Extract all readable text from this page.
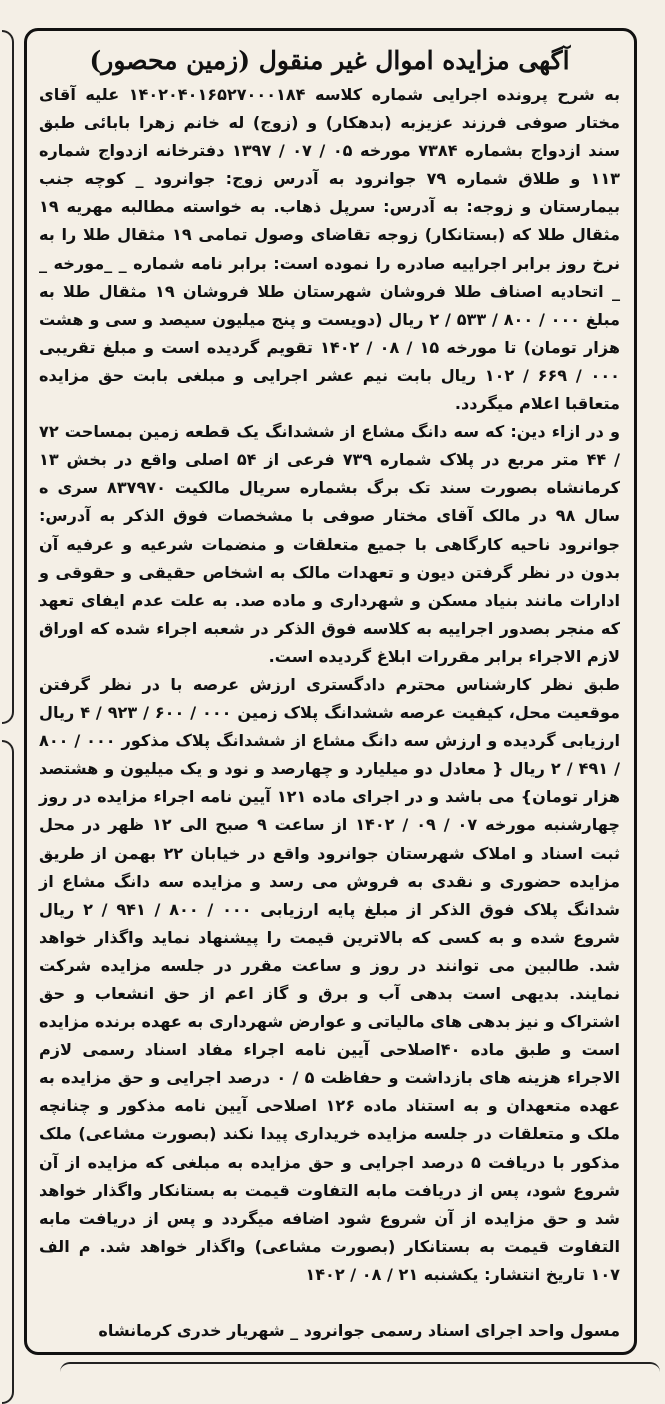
آگهی مزایده اموال غیر منقول (زمین محصور)

به شرح پرونده اجرایی شماره کلاسه ۱۴۰۲۰۴۰۱۶۵۲۷۰۰۰۱۸۴ علیه آقای مختار صوفی فرزند عزیزبه (بدهکار) و (زوج) له خانم زهرا بابائی طبق سند ازدواج بشماره ۷۳۸۴ مورخه ۰۵ / ۰۷ / ۱۳۹۷ دفترخانه ازدواج شماره ۱۱۳ و طلاق شماره ۷۹ جوانرود به آدرس زوج: جوانرود _ کوچه جنب بیمارستان و زوجه: به آدرس: سرپل ذهاب. به خواسته مطالبه مهریه ۱۹ مثقال طلا که (بستانکار) زوجه تقاضای وصول تمامی ۱۹ مثقال طلا را به نرخ روز برابر اجراییه صادره را نموده است: برابر نامه شماره _ _مورخه _ _ اتحادیه اصناف طلا فروشان شهرستان طلا فروشان ۱۹ مثقال طلا به مبلغ ۰۰۰ / ۸۰۰ / ۵۳۳ / ۲ ریال (دویست و پنج میلیون سیصد و سی و هشت هزار تومان) تا مورخه ۱۵ / ۰۸ / ۱۴۰۲ تقویم گردیده است و مبلغ تقریبی ۰۰۰ / ۶۶۹ / ۱۰۲ ریال بابت نیم عشر اجرایی و مبلغی بابت حق مزایده متعاقبا اعلام میگردد.

و در ازاء دین: که سه دانگ مشاع از ششدانگ یک قطعه زمین بمساحت ۷۲ / ۴۴ متر مربع در پلاک شماره ۷۳۹ فرعی از ۵۴ اصلی واقع در بخش ۱۳ کرمانشاه بصورت سند تک برگ بشماره سریال مالکیت ۸۳۷۹۷۰ سری ه سال ۹۸ در مالک آقای مختار صوفی با مشخصات فوق الذکر به آدرس: جوانرود ناحیه کارگاهی با جمیع متعلقات و منضمات شرعیه و عرفیه آن بدون در نظر گرفتن دیون و تعهدات مالک به اشخاص حقیقی و حقوقی و ادارات مانند بنیاد مسکن و شهرداری و ماده صد. به علت عدم ایفای تعهد که منجر بصدور اجراییه به کلاسه فوق الذکر در شعبه اجراء شده که اوراق لازم الاجراء برابر مقررات ابلاغ گردیده است.

طبق نظر کارشناس محترم دادگستری ارزش عرصه با در نظر گرفتن موقعیت محل، کیفیت عرصه ششدانگ پلاک زمین ۰۰۰ / ۶۰۰ / ۹۲۳ / ۴ ریال ارزیابی گردیده و ارزش سه دانگ مشاع از ششدانگ پلاک مذکور ۰۰۰ / ۸۰۰ / ۴۹۱ / ۲ ریال { معادل دو میلیارد و چهارصد و نود و یک میلیون و هشتصد هزار تومان} می باشد و در اجرای ماده ۱۲۱ آیین نامه اجراء مزایده در روز چهارشنبه مورخه ۰۷ / ۰۹ / ۱۴۰۲ از ساعت ۹ صبح الی ۱۲ ظهر در محل ثبت اسناد و املاک شهرستان جوانرود واقع در خیابان ۲۲ بهمن از طریق مزایده حضوری و نقدی به فروش می رسد و مزایده سه دانگ مشاع از شدانگ پلاک فوق الذکر از مبلغ پایه ارزیابی ۰۰۰ / ۸۰۰ / ۹۴۱ / ۲ ریال شروع شده و به کسی که بالاترین قیمت را پیشنهاد نماید واگذار خواهد شد. طالبین می توانند در روز و ساعت مقرر در جلسه مزایده شرکت نمایند. بدیهی است بدهی آب و برق و گاز اعم از حق انشعاب و حق اشتراک و نیز بدهی های مالیاتی و عوارض شهرداری به عهده برنده مزایده است و طبق ماده ۴۰اصلاحی آیین نامه اجراء مفاد اسناد رسمی لازم الاجراء هزینه های بازداشت و حفاظت ۵ / ۰ درصد اجرایی و حق مزایده به عهده متعهدان و به استناد ماده ۱۲۶ اصلاحی آیین نامه مذکور و چنانچه ملک و متعلقات در جلسه مزایده خریداری پیدا نکند (بصورت مشاعی) ملک مذکور با دریافت ۵ درصد اجرایی و حق مزایده به مبلغی که مزایده از آن شروع شود، پس از دریافت مابه التفاوت قیمت به بستانکار واگذار خواهد شد و حق مزایده از آن شروع شود اضافه میگردد و پس از دریافت مابه التفاوت قیمت به بستانکار (بصورت مشاعی) واگذار خواهد شد. م الف ۱۰۷ تاریخ انتشار: یکشنبه ۲۱ / ۰۸ / ۱۴۰۲

مسول واحد اجرای اسناد رسمی جوانرود _ شهریار خدری کرمانشاه
